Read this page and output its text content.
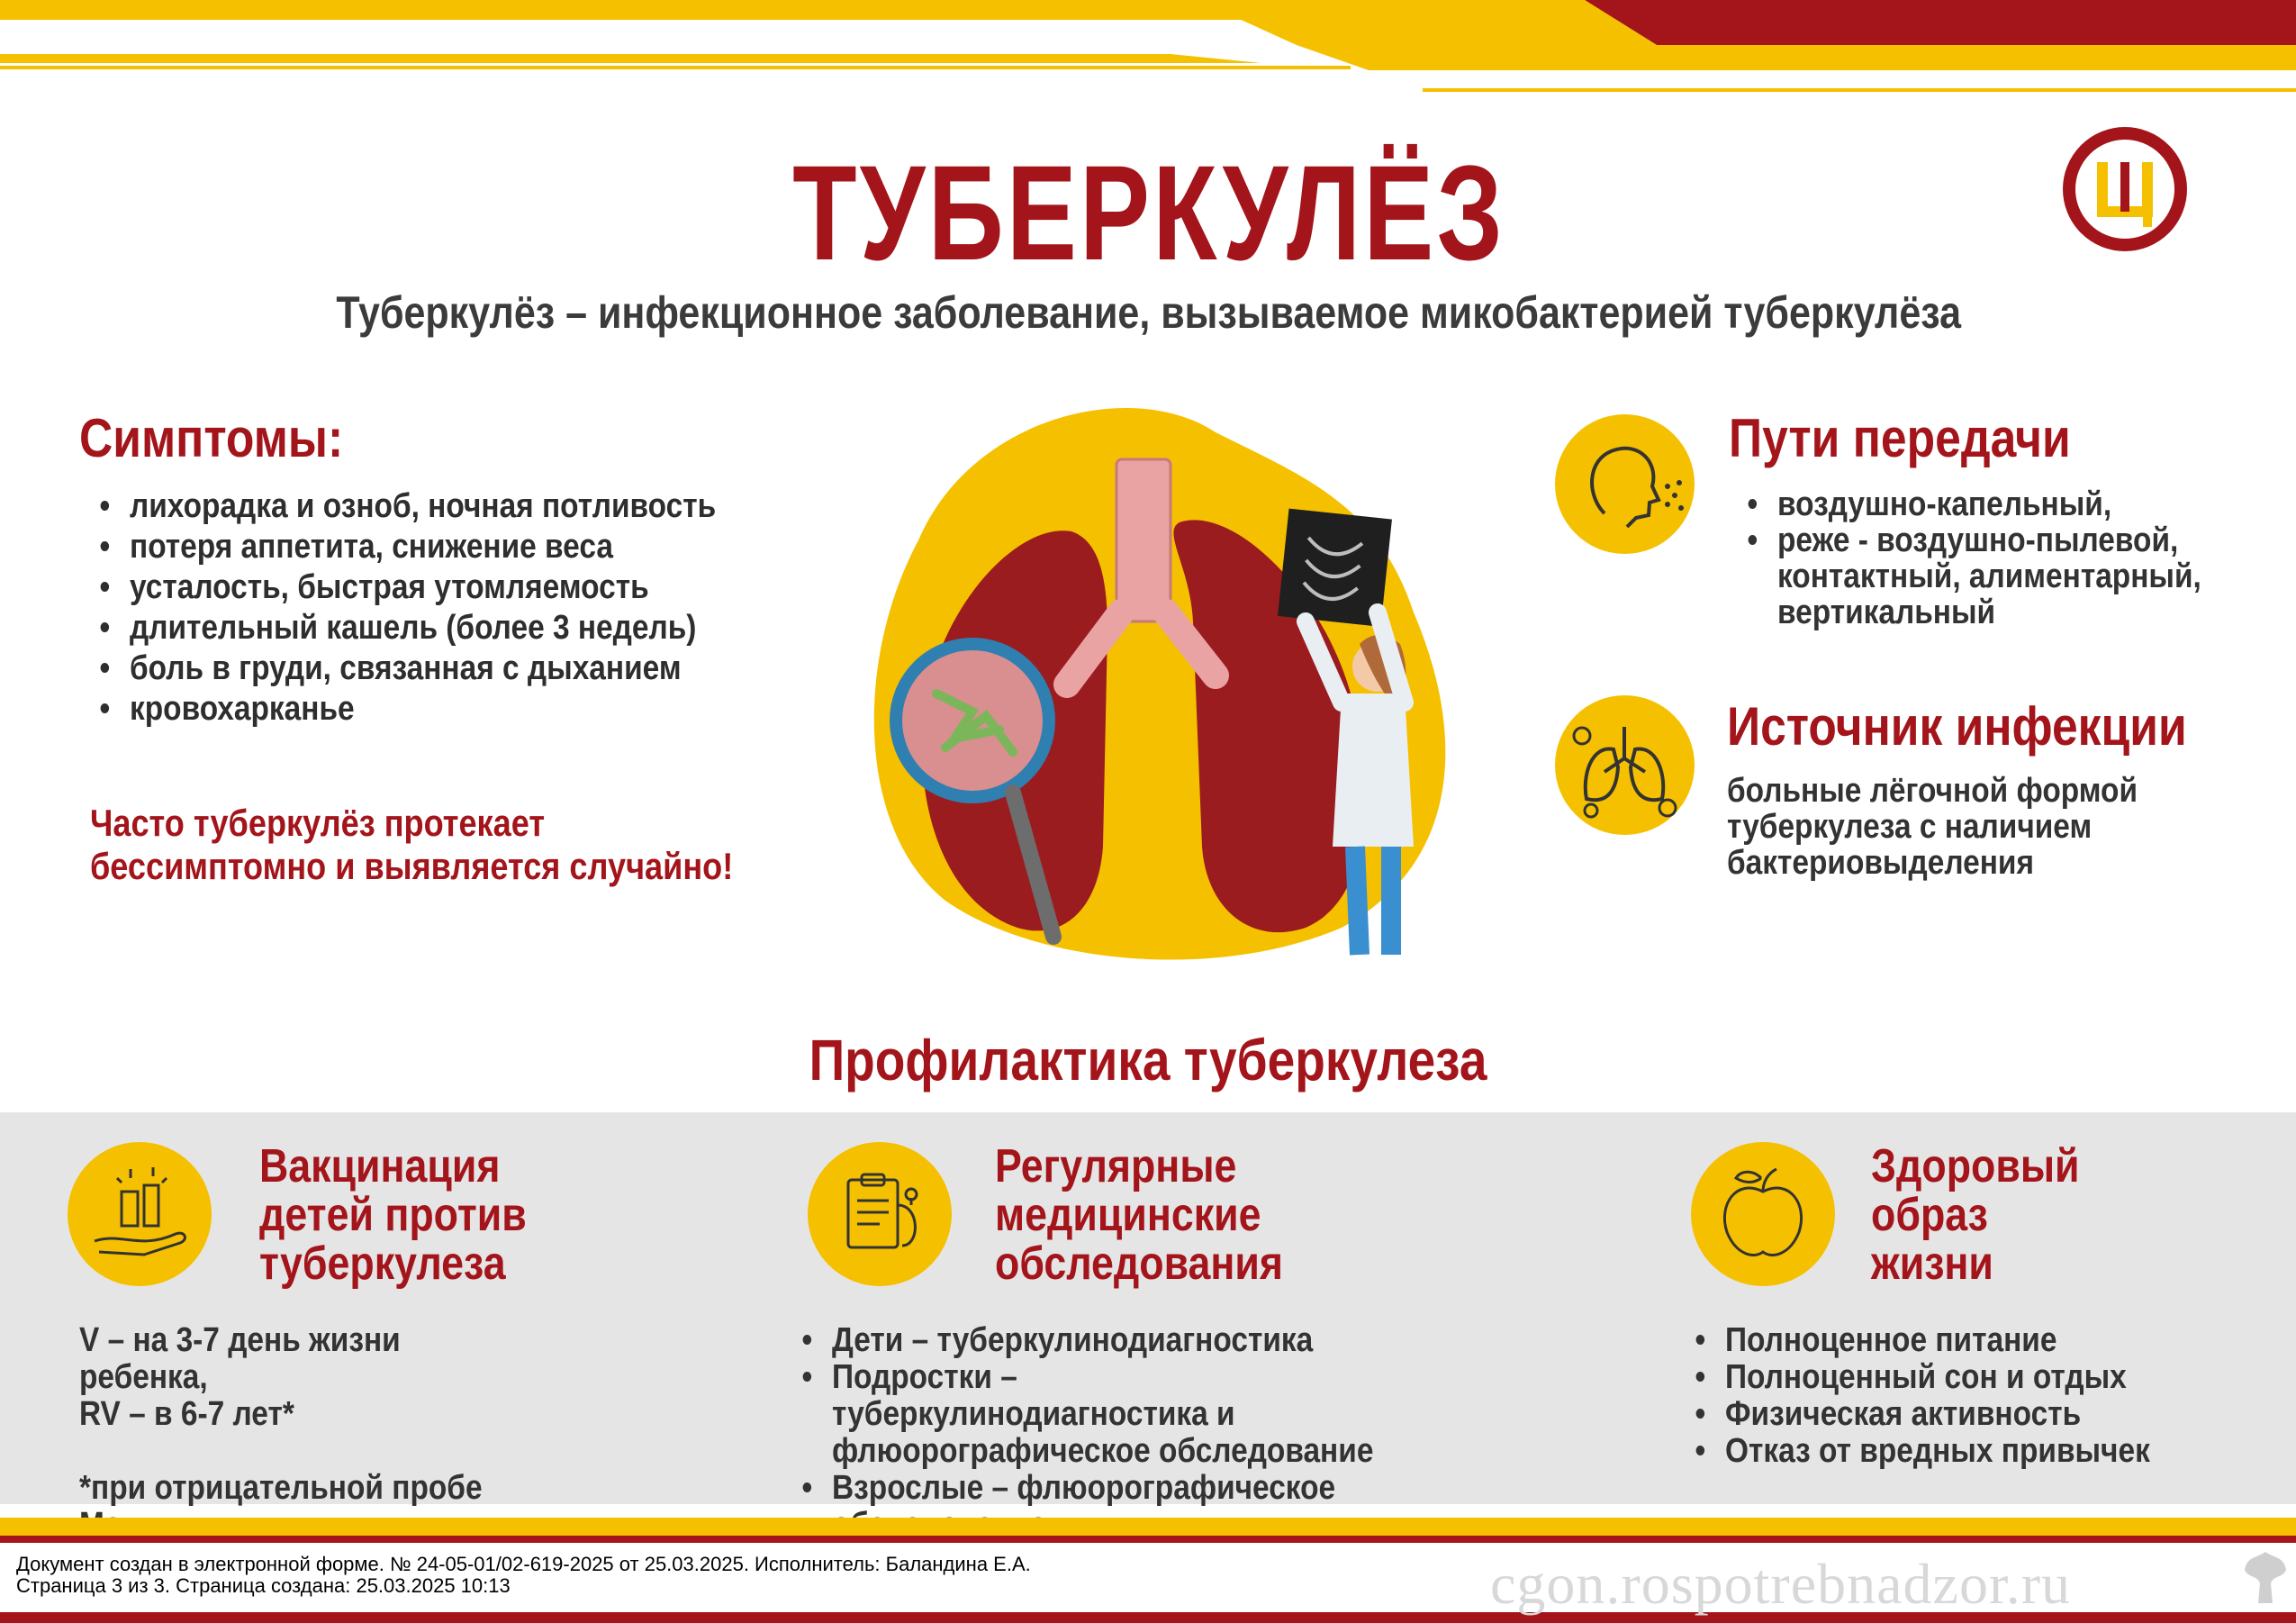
ТУБЕРКУЛЁЗ
Туберкулёз – инфекционное заболевание, вызываемое микобактерией туберкулёза
Симптомы:
• лихорадка и озноб, ночная потливость
• потеря аппетита, снижение веса
• усталость, быстрая утомляемость
• длительный кашель (более 3 недель)
• боль в груди, связанная с дыханием
• кровохарканье
Часто туберкулёз протекает
бессимптомно и выявляется случайно!
Пути передачи
• воздушно-капельный,
• реже - воздушно-пылевой, контактный, алиментарный, вертикальный
Источник инфекции
больные лёгочной формой туберкулеза с наличием бактериовыделения
Профилактика туберкулеза
Вакцинация
детей против
туберкулеза
V – на 3-7 день жизни ребенка,
RV – в 6-7 лет*
*при отрицательной пробе
Регулярные
медицинские
обследования
• Дети – туберкулинодиагностика
• Подростки – туберкулинодиагностика и флюорографическое обследование
• Взрослые – флюорографическое
Здоровый
образ
жизни
• Полноценное питание
• Полноценный сон и отдых
• Физическая активность
• Отказ от вредных привычек
Документ создан в электронной форме. № 24-05-01/02-619-2025 от 25.03.2025. Исполнитель: Баландина Е.А.
Страница 3 из 3. Страница создана: 25.03.2025 10:13	cgon.rospotrebnadzor.ru
